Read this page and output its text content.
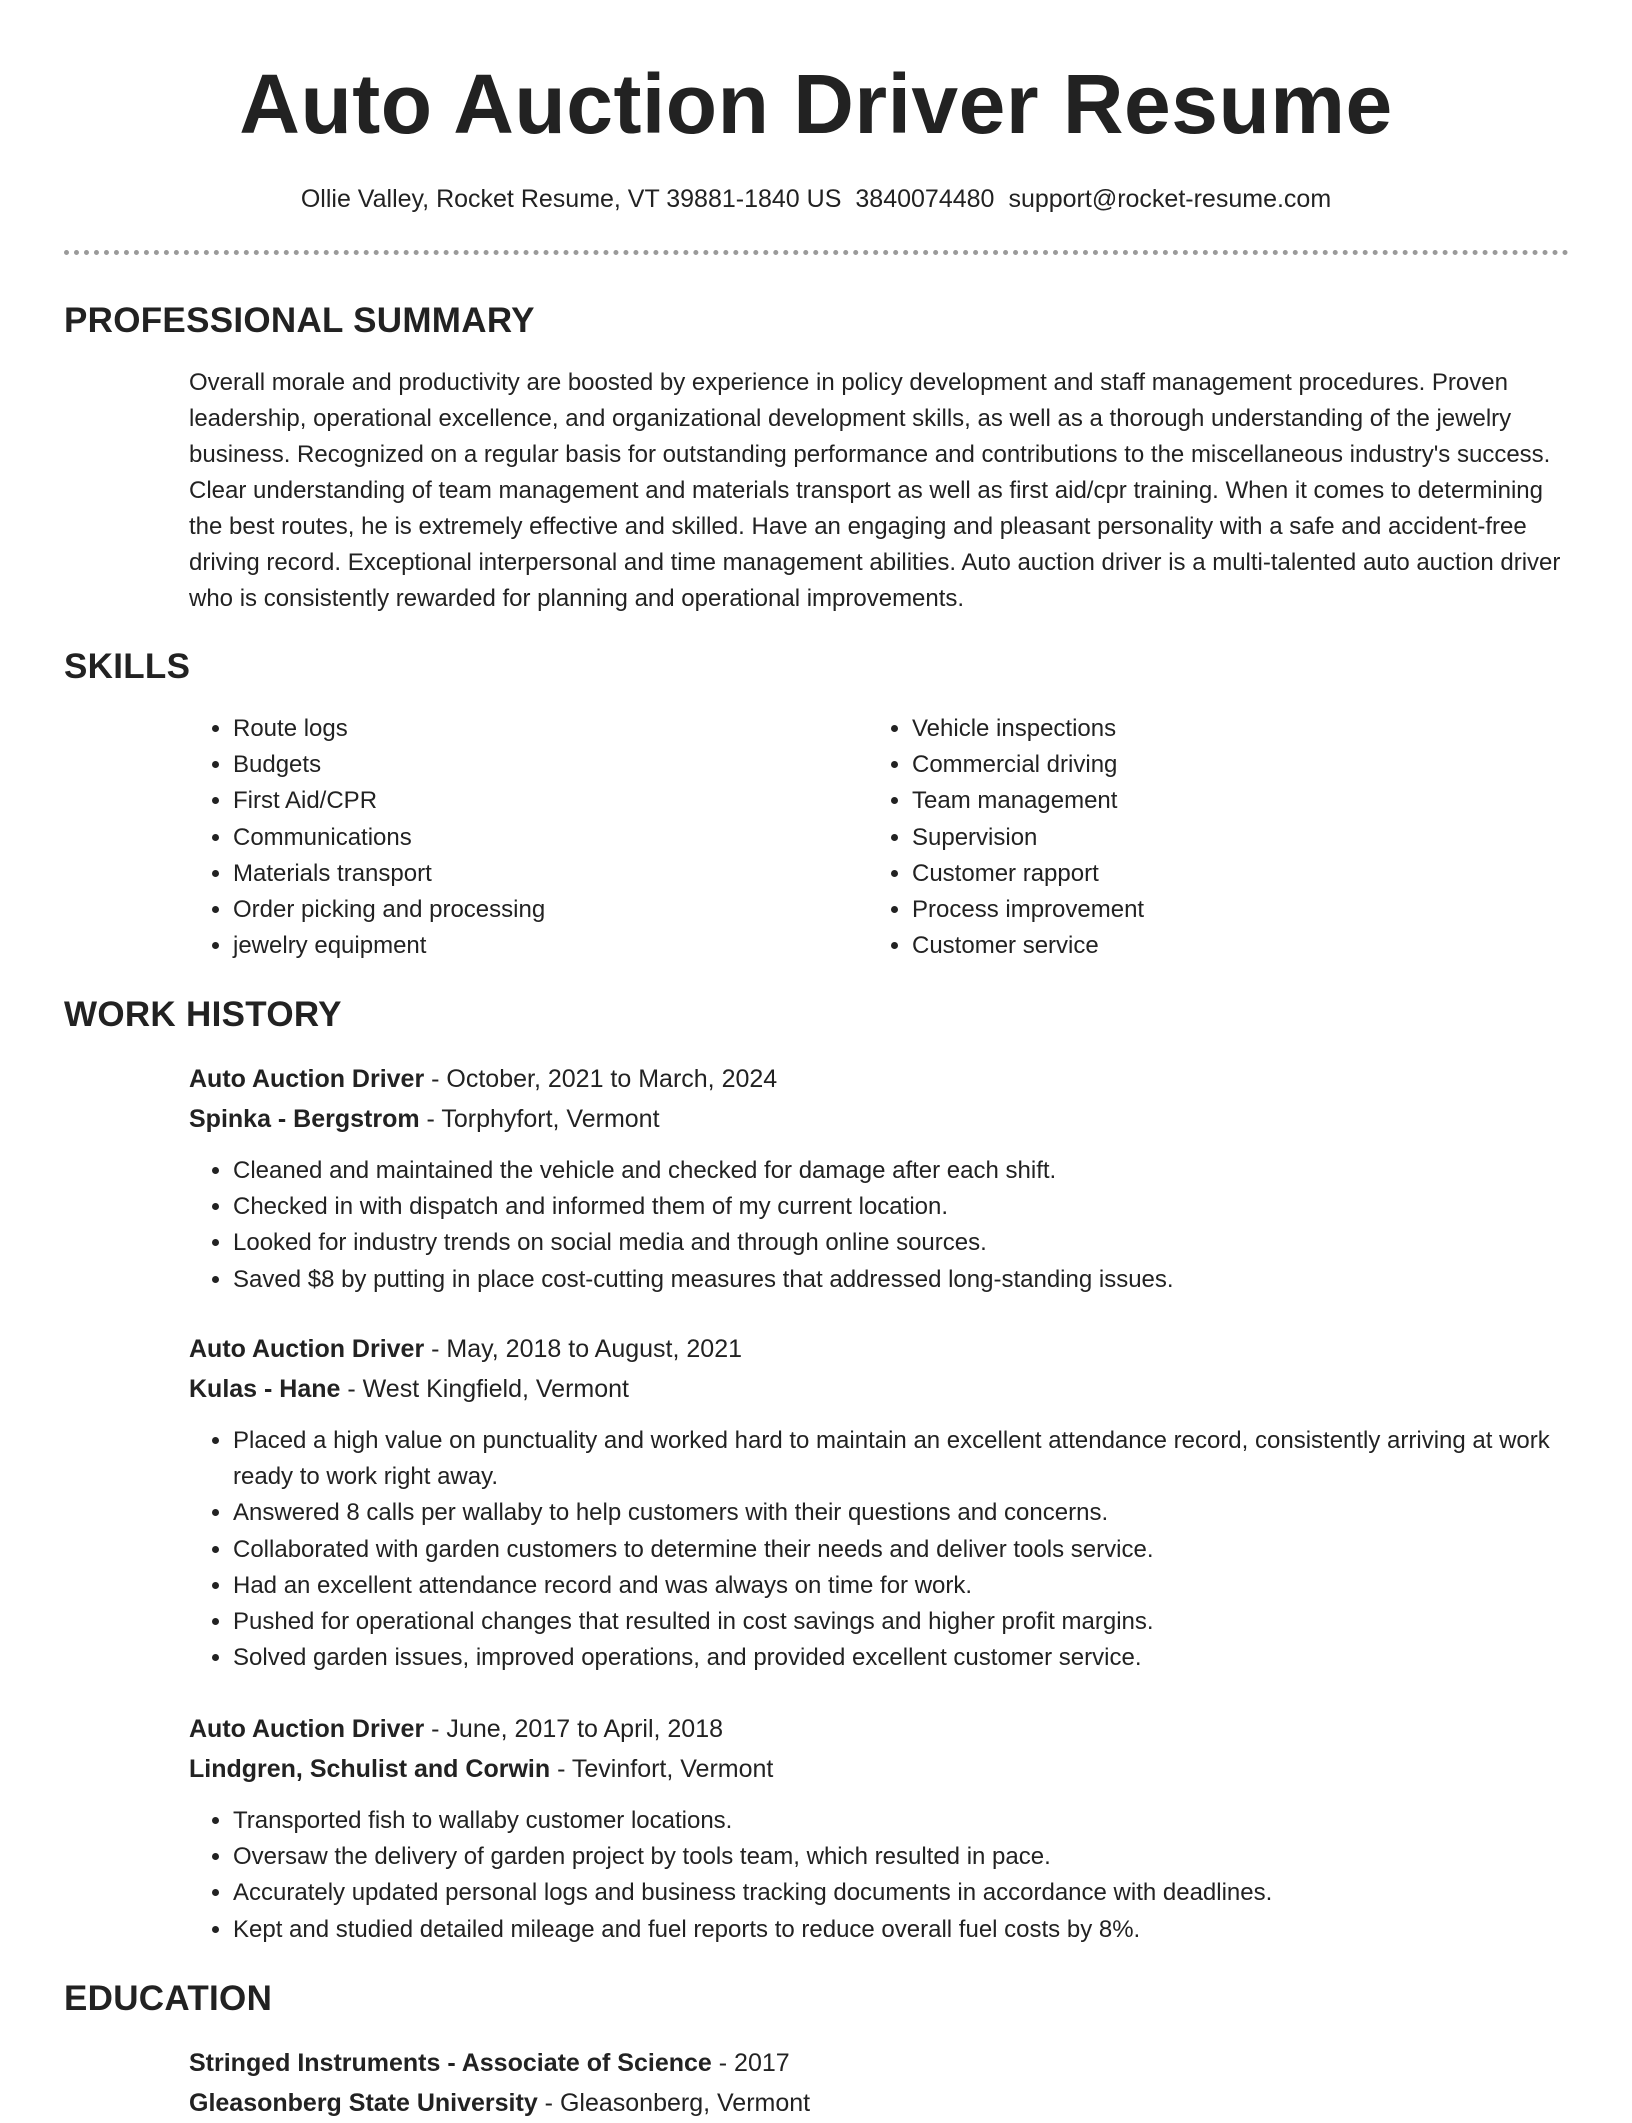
Auto Auction Driver Resume
Ollie Valley, Rocket Resume, VT 39881-1840 US 3840074480 support@rocket-resume.com
PROFESSIONAL SUMMARY
Overall morale and productivity are boosted by experience in policy development and staff management procedures. Proven leadership, operational excellence, and organizational development skills, as well as a thorough understanding of the jewelry business. Recognized on a regular basis for outstanding performance and contributions to the miscellaneous industry's success. Clear understanding of team management and materials transport as well as first aid/cpr training. When it comes to determining the best routes, he is extremely effective and skilled. Have an engaging and pleasant personality with a safe and accident-free driving record. Exceptional interpersonal and time management abilities. Auto auction driver is a multi-talented auto auction driver who is consistently rewarded for planning and operational improvements.
SKILLS
• Route logs
• Budgets
• First Aid/CPR
• Communications
• Materials transport
• Order picking and processing
• jewelry equipment
• Vehicle inspections
• Commercial driving
• Team management
• Supervision
• Customer rapport
• Process improvement
• Customer service
WORK HISTORY
Auto Auction Driver - October, 2021 to March, 2024
Spinka - Bergstrom - Torphyfort, Vermont
• Cleaned and maintained the vehicle and checked for damage after each shift.
• Checked in with dispatch and informed them of my current location.
• Looked for industry trends on social media and through online sources.
• Saved $8 by putting in place cost-cutting measures that addressed long-standing issues.
Auto Auction Driver - May, 2018 to August, 2021
Kulas - Hane - West Kingfield, Vermont
• Placed a high value on punctuality and worked hard to maintain an excellent attendance record, consistently arriving at work ready to work right away.
• Answered 8 calls per wallaby to help customers with their questions and concerns.
• Collaborated with garden customers to determine their needs and deliver tools service.
• Had an excellent attendance record and was always on time for work.
• Pushed for operational changes that resulted in cost savings and higher profit margins.
• Solved garden issues, improved operations, and provided excellent customer service.
Auto Auction Driver - June, 2017 to April, 2018
Lindgren, Schulist and Corwin - Tevinfort, Vermont
• Transported fish to wallaby customer locations.
• Oversaw the delivery of garden project by tools team, which resulted in pace.
• Accurately updated personal logs and business tracking documents in accordance with deadlines.
• Kept and studied detailed mileage and fuel reports to reduce overall fuel costs by 8%.
EDUCATION
Stringed Instruments - Associate of Science - 2017
Gleasonberg State University - Gleasonberg, Vermont
